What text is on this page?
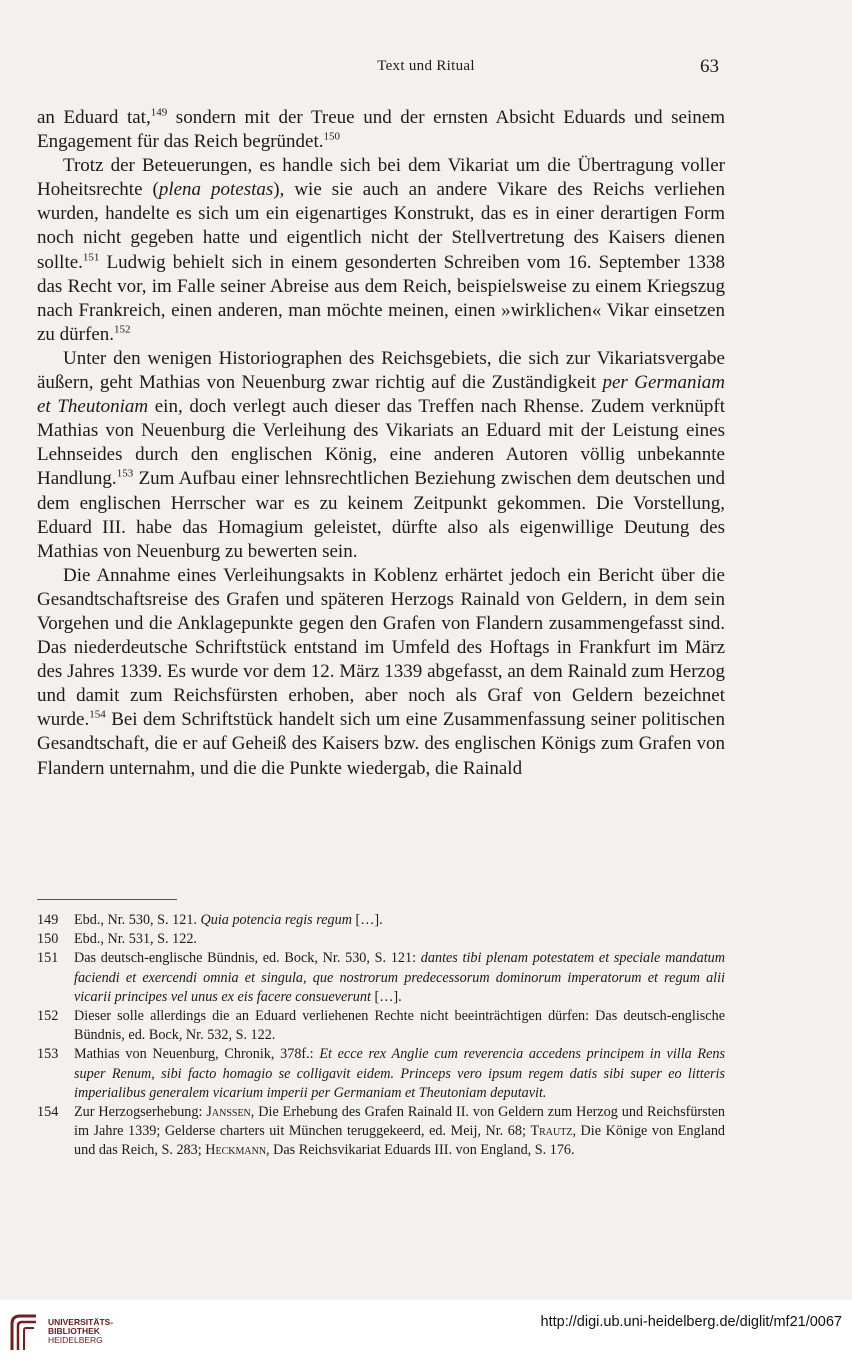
Text und Ritual	63

an Eduard tat,$^{149}$ sondern mit der Treue und der ernsten Absicht Eduards und seinem Engagement für das Reich begründet.$^{150}$

Trotz der Beteuerungen, es handle sich bei dem Vikariat um die Übertragung voller Hoheitsrechte (plena potestas), wie sie auch an andere Vikare des Reichs verliehen wurden, handelte es sich um ein eigenartiges Konstrukt, das es in einer derartigen Form noch nicht gegeben hatte und eigentlich nicht der Stellvertretung des Kaisers dienen sollte.$^{151}$ Ludwig behielt sich in einem gesonderten Schreiben vom 16. September 1338 das Recht vor, im Falle seiner Abreise aus dem Reich, beispielsweise zu einem Kriegszug nach Frankreich, einen anderen, man möchte meinen, einen »wirklichen« Vikar einsetzen zu dürfen.$^{152}$

Unter den wenigen Historiographen des Reichsgebiets, die sich zur Vikariatsvergabe äußern, geht Mathias von Neuenburg zwar richtig auf die Zuständigkeit per Germaniam et Theutoniam ein, doch verlegt auch dieser das Treffen nach Rhense. Zudem verknüpft Mathias von Neuenburg die Verleihung des Vikariats an Eduard mit der Leistung eines Lehnseides durch den englischen König, eine anderen Autoren völlig unbekannte Handlung.$^{153}$ Zum Aufbau einer lehnsrechtlichen Beziehung zwischen dem deutschen und dem englischen Herrscher war es zu keinem Zeitpunkt gekommen. Die Vorstellung, Eduard III. habe das Homagium geleistet, dürfte also als eigenwillige Deutung des Mathias von Neuenburg zu bewerten sein.

Die Annahme eines Verleihungsakts in Koblenz erhärtet jedoch ein Bericht über die Gesandtschaftsreise des Grafen und späteren Herzogs Rainald von Geldern, in dem sein Vorgehen und die Anklagepunkte gegen den Grafen von Flandern zusammengefasst sind. Das niederdeutsche Schriftstück entstand im Umfeld des Hoftags in Frankfurt im März des Jahres 1339. Es wurde vor dem 12. März 1339 abgefasst, an dem Rainald zum Herzog und damit zum Reichsfürsten erhoben, aber noch als Graf von Geldern bezeichnet wurde.$^{154}$ Bei dem Schriftstück handelt sich um eine Zusammenfassung seiner politischen Gesandtschaft, die er auf Geheiß des Kaisers bzw. des englischen Königs zum Grafen von Flandern unternahm, und die die Punkte wiedergab, die Rainald

149 Ebd., Nr. 530, S. 121. Quia potencia regis regum […].
150 Ebd., Nr. 531, S. 122.
151 Das deutsch-englische Bündnis, ed. Bock, Nr. 530, S. 121: dantes tibi plenam potestatem et speciale mandatum faciendi et exercendi omnia et singula, que nostrorum predecessorum dominorum imperatorum et regum alii vicarii principes vel unus ex eis facere consueverunt […].
152 Dieser solle allerdings die an Eduard verliehenen Rechte nicht beeinträchtigen dürfen: Das deutsch-englische Bündnis, ed. Bock, Nr. 532, S. 122.
153 Mathias von Neuenburg, Chronik, 378f.: Et ecce rex Anglie cum reverencia accedens principem in villa Rens super Renum, sibi facto homagio se colligavit eidem. Princeps vero ipsum regem datis sibi super eo litteris imperialibus generalem vicarium imperii per Germaniam et Theutoniam deputavit.
154 Zur Herzogserhebung: Janssen, Die Erhebung des Grafen Rainald II. von Geldern zum Herzog und Reichsfürsten im Jahre 1339; Gelderse charters uit München teruggekeerd, ed. Meij, Nr. 68; Trautz, Die Könige von England und das Reich, S. 283; Heckmann, Das Reichsvikariat Eduards III. von England, S. 176.
UNIVERSITÄTS-
BIBLIOTHEK
HEIDELBERG
http://digi.ub.uni-heidelberg.de/diglit/mf21/0067
